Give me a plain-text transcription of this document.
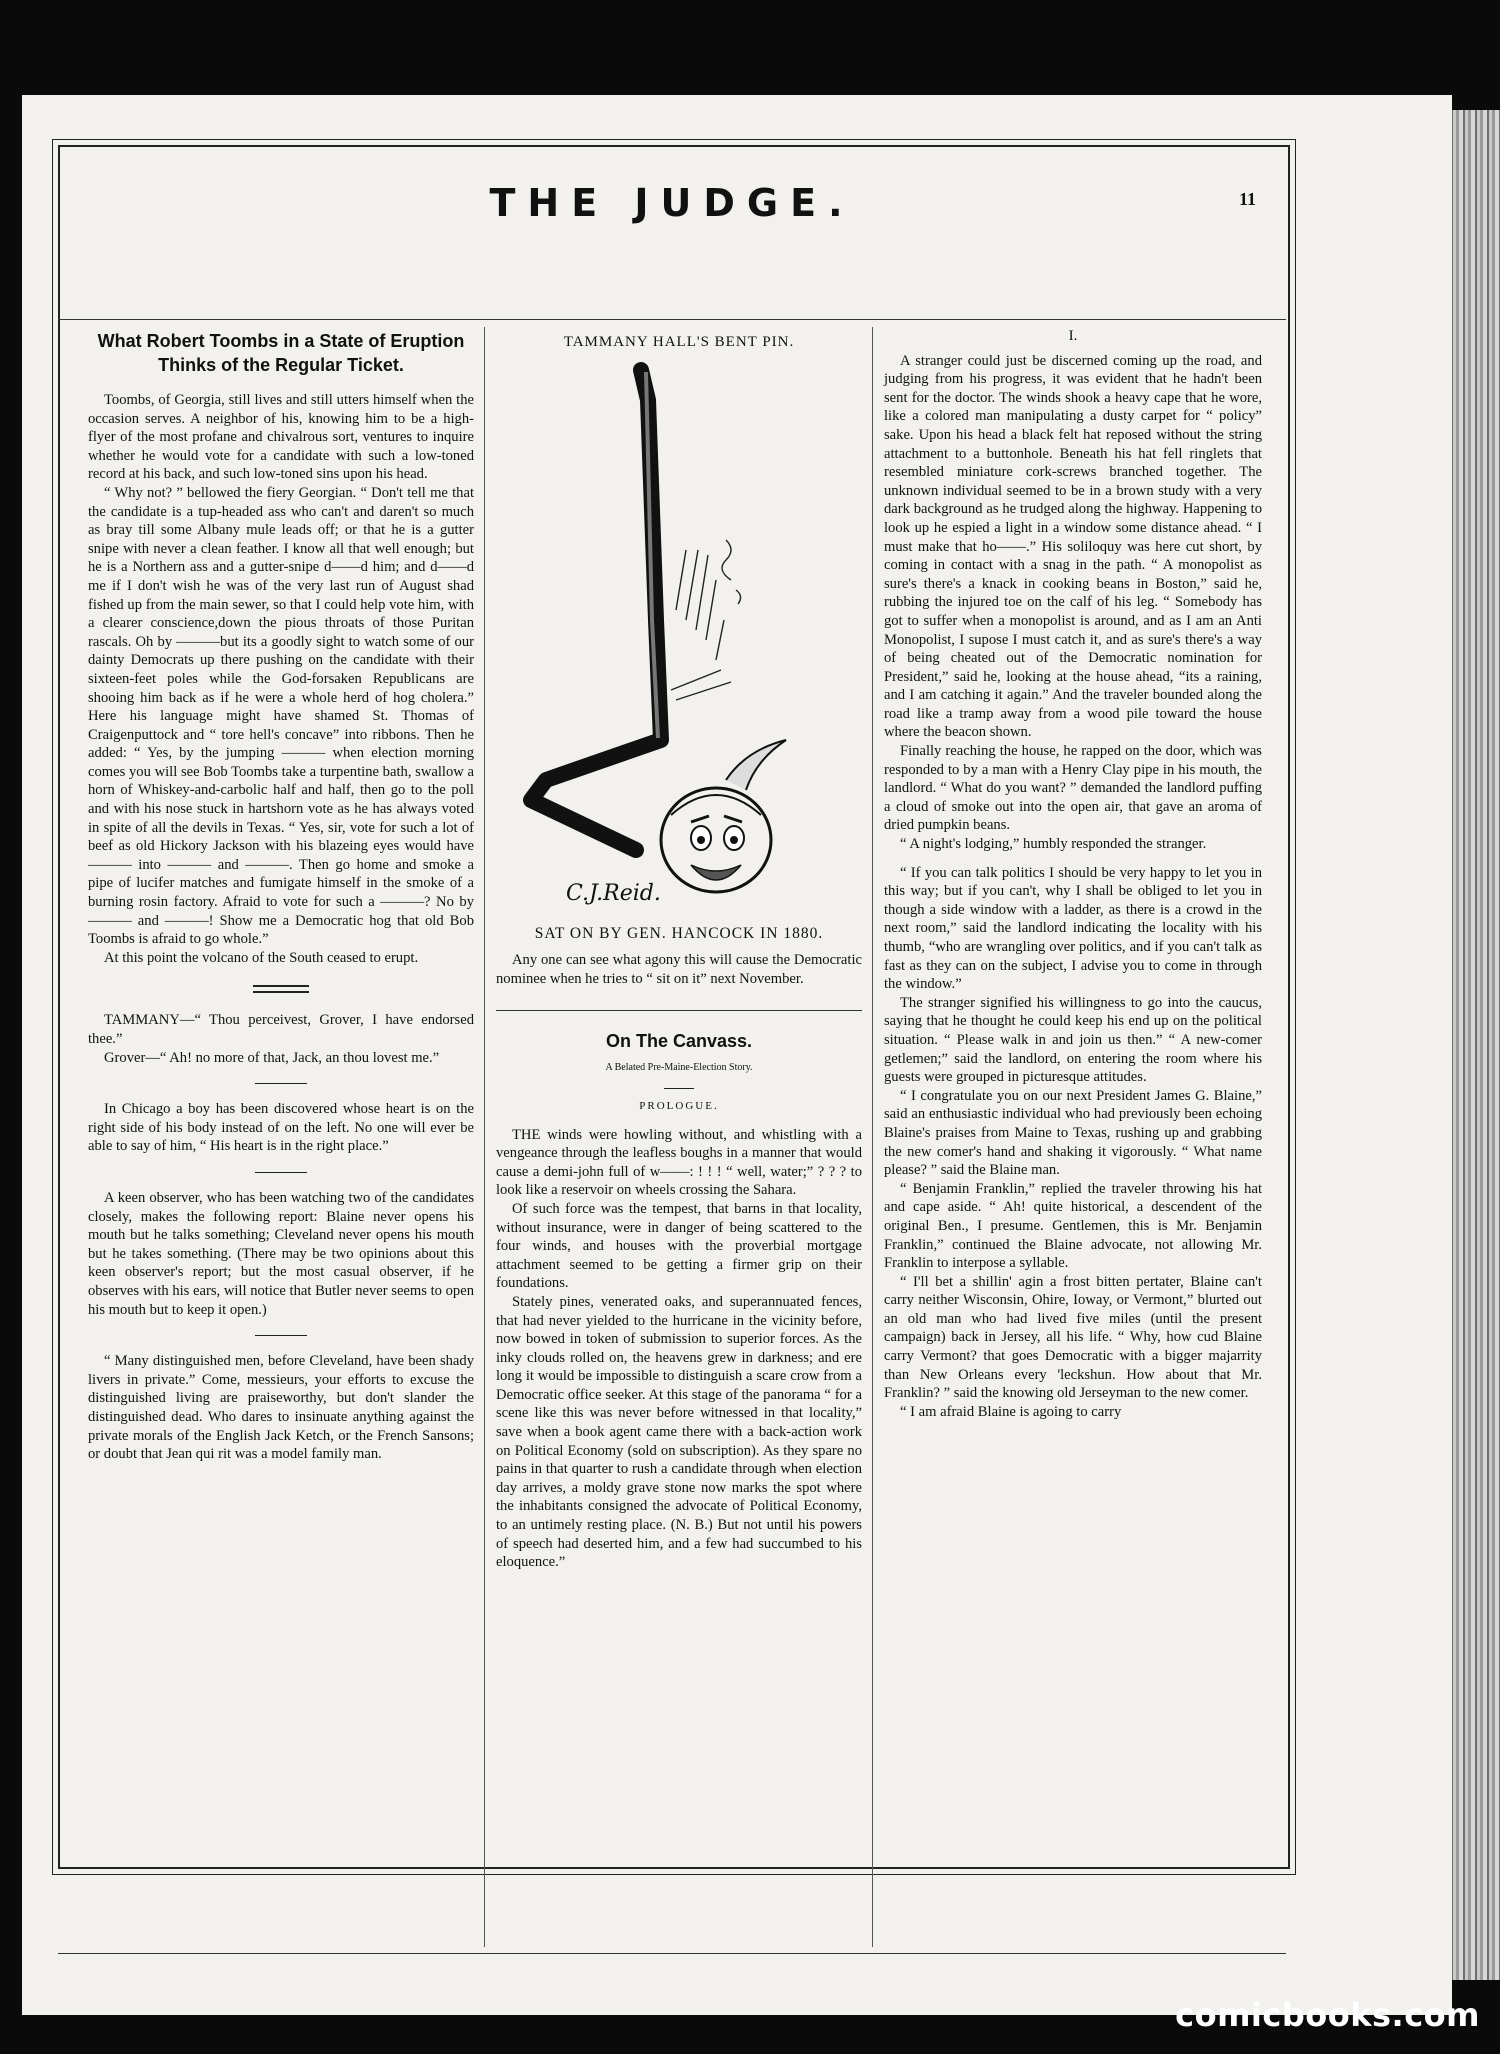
THE JUDGE.	11
What Robert Toombs in a State of Eruption Thinks of the Regular Ticket.

Toombs, of Georgia, still lives and still utters himself when the occasion serves. A neighbor of his, knowing him to be a high-flyer of the most profane and chivalrous sort, ventures to inquire whether he would vote for a candidate with such a low-toned record at his back, and such low-toned sins upon his head.

“ Why not? ” bellowed the fiery Georgian. “ Don't tell me that the candidate is a tup-headed ass who can't and daren't so much as bray till some Albany mule leads off; or that he is a gutter snipe with never a clean feather. I know all that well enough; but he is a Northern ass and a gutter-snipe d——d him; and d——d me if I don't wish he was of the very last run of August shad fished up from the main sewer, so that I could help vote him, with a clearer conscience,down the pious throats of those Puritan rascals. Oh by ———but its a goodly sight to watch some of our dainty Democrats up there pushing on the candidate with their sixteen-feet poles while the God-forsaken Republicans are shooing him back as if he were a whole herd of hog cholera.” Here his language might have shamed St. Thomas of Craigenputtock and “ tore hell's concave” into ribbons. Then he added: “ Yes, by the jumping ——— when election morning comes you will see Bob Toombs take a turpentine bath, swallow a horn of Whiskey-and-carbolic half and half, then go to the poll and with his nose stuck in hartshorn vote as he has always voted in spite of all the devils in Texas. “ Yes, sir, vote for such a lot of beef as old Hickory Jackson with his blazeing eyes would have ——— into ——— and ———. Then go home and smoke a pipe of lucifer matches and fumigate himself in the smoke of a burning rosin factory. Afraid to vote for such a ———? No by ——— and ———! Show me a Democratic hog that old Bob Toombs is afraid to go whole.”

At this point the volcano of the South ceased to erupt.

TAMMANY—“ Thou perceivest, Grover, I have endorsed thee.”

Grover—“ Ah! no more of that, Jack, an thou lovest me.”

In Chicago a boy has been discovered whose heart is on the right side of his body instead of on the left. No one will ever be able to say of him, “ His heart is in the right place.”

A keen observer, who has been watching two of the candidates closely, makes the following report: Blaine never opens his mouth but he talks something; Cleveland never opens his mouth but he takes something. (There may be two opinions about this keen observer's report; but the most casual observer, if he observes with his ears, will notice that Butler never seems to open his mouth but to keep it open.)

“ Many distinguished men, before Cleveland, have been shady livers in private.” Come, messieurs, your efforts to excuse the distinguished living are praiseworthy, but don't slander the distinguished dead. Who dares to insinuate anything against the private morals of the English Jack Ketch, or the French Sansons; or doubt that Jean qui rit was a model family man.

TAMMANY HALL'S BENT PIN.
C.J.Reid.
SAT ON BY GEN. HANCOCK IN 1880.

Any one can see what agony this will cause the Democratic nominee when he tries to “ sit on it” next November.

On The Canvass.
A Belated Pre-Maine-Election Story.
PROLOGUE.

THE winds were howling without, and whistling with a vengeance through the leafless boughs in a manner that would cause a demi-john full of w——: ! ! ! “ well, water;” ? ? ? to look like a reservoir on wheels crossing the Sahara.

Of such force was the tempest, that barns in that locality, without insurance, were in danger of being scattered to the four winds, and houses with the proverbial mortgage attachment seemed to be getting a firmer grip on their foundations.

Stately pines, venerated oaks, and superannuated fences, that had never yielded to the hurricane in the vicinity before, now bowed in token of submission to superior forces. As the inky clouds rolled on, the heavens grew in darkness; and ere long it would be impossible to distinguish a scare crow from a Democratic office seeker. At this stage of the panorama “ for a scene like this was never before witnessed in that locality,” save when a book agent came there with a back-action work on Political Economy (sold on subscription). As they spare no pains in that quarter to rush a candidate through when election day arrives, a moldy grave stone now marks the spot where the inhabitants consigned the advocate of Political Economy, to an untimely resting place. (N. B.) But not until his powers of speech had deserted him, and a few had succumbed to his eloquence.”

I.

A stranger could just be discerned coming up the road, and judging from his progress, it was evident that he hadn't been sent for the doctor. The winds shook a heavy cape that he wore, like a colored man manipulating a dusty carpet for “ policy” sake. Upon his head a black felt hat reposed without the string attachment to a buttonhole. Beneath his hat fell ringlets that resembled miniature cork-screws branched together. The unknown individual seemed to be in a brown study with a very dark background as he trudged along the highway. Happening to look up he espied a light in a window some distance ahead. “ I must make that ho——.” His soliloquy was here cut short, by coming in contact with a snag in the path. “ A monopolist as sure's there's a knack in cooking beans in Boston,” said he, rubbing the injured toe on the calf of his leg. “ Somebody has got to suffer when a monopolist is around, and as I am an Anti Monopolist, I supose I must catch it, and as sure's there's a way of being cheated out of the Democratic nomination for President,” said he, looking at the house ahead, “its a raining, and I am catching it again.” And the traveler bounded along the road like a tramp away from a wood pile toward the house where the beacon shown.

Finally reaching the house, he rapped on the door, which was responded to by a man with a Henry Clay pipe in his mouth, the landlord. “ What do you want? ” demanded the landlord puffing a cloud of smoke out into the open air, that gave an aroma of dried pumpkin beans.

“ A night's lodging,” humbly responded the stranger.

“ If you can talk politics I should be very happy to let you in this way; but if you can't, why I shall be obliged to let you in though a side window with a ladder, as there is a crowd in the next room,” said the landlord indicating the locality with his thumb, “who are wrangling over politics, and if you can't talk as fast as they can on the subject, I advise you to come in through the window.”

The stranger signified his willingness to go into the caucus, saying that he thought he could keep his end up on the political situation. “ Please walk in and join us then.” “ A new-comer getlemen;” said the landlord, on entering the room where his guests were grouped in picturesque attitudes.

“ I congratulate you on our next President James G. Blaine,” said an enthusiastic individual who had previously been echoing Blaine's praises from Maine to Texas, rushing up and grabbing the new comer's hand and shaking it vigorously. “ What name please? ” said the Blaine man.

“ Benjamin Franklin,” replied the traveler throwing his hat and cape aside. “ Ah! quite historical, a descendent of the original Ben., I presume. Gentlemen, this is Mr. Benjamin Franklin,” continued the Blaine advocate, not allowing Mr. Franklin to interpose a syllable.

“ I'll bet a shillin' agin a frost bitten pertater, Blaine can't carry neither Wisconsin, Ohire, Ioway, or Vermont,” blurted out an old man who had lived five miles (until the present campaign) back in Jersey, all his life. “ Why, how cud Blaine carry Vermont? that goes Democratic with a bigger majarrity than New Orleans every 'leckshun. How about that Mr. Franklin? ” said the knowing old Jerseyman to the new comer.

“ I am afraid Blaine is agoing to carry

comicbooks.com
